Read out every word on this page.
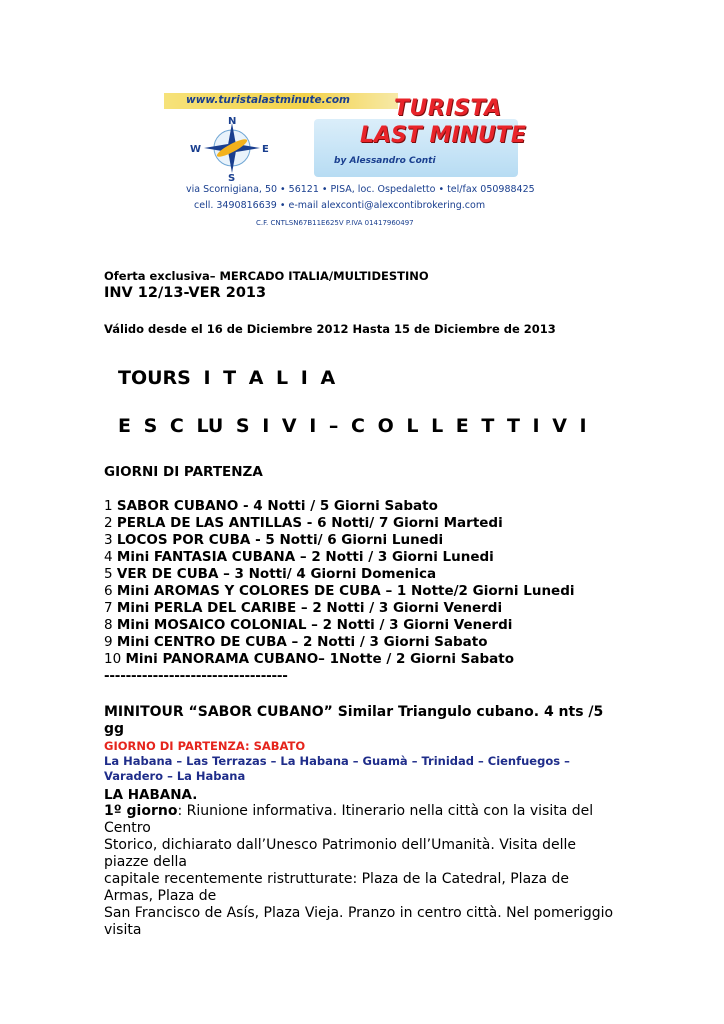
www.turistalastminute.com
N
E
S
W
TURISTA
LAST MINUTE
by Alessandro Conti
via Scornigiana, 50 • 56121 • PISA, loc. Ospedaletto • tel/fax 050988425
cell. 3490816639 • e-mail alexconti@alexcontibrokering.com
C.F. CNTLSN67B11E625V P.IVA 01417960497
Oferta exclusiva– MERCADO ITALIA/MULTIDESTINO
INV 12/13-VER 2013
Válido desde el 16 de Diciembre 2012 Hasta 15 de Diciembre de 2013
TOURS I T A L I A
E S C LU S I V I – C O L L E T T I V I
GIORNI DI PARTENZA
1 SABOR CUBANO - 4 Notti / 5 Giorni Sabato
2 PERLA DE LAS ANTILLAS - 6 Notti/ 7 Giorni Martedi
3 LOCOS POR CUBA - 5 Notti/ 6 Giorni Lunedi
4 Mini FANTASIA CUBANA – 2 Notti / 3 Giorni Lunedi
5 VER DE CUBA – 3 Notti/ 4 Giorni Domenica
6 Mini AROMAS Y COLORES DE CUBA – 1 Notte/2 Giorni Lunedi
7 Mini PERLA DEL CARIBE – 2 Notti / 3 Giorni Venerdi
8 Mini MOSAICO COLONIAL – 2 Notti / 3 Giorni Venerdi
9 Mini CENTRO DE CUBA – 2 Notti / 3 Giorni Sabato
10 Mini PANORAMA CUBANO– 1Notte / 2 Giorni Sabato
----------------------------------
MINITOUR “SABOR CUBANO” Similar Triangulo cubano. 4 nts /5 gg
GIORNO DI PARTENZA: SABATO
La Habana – Las Terrazas – La Habana – Guamà – Trinidad – Cienfuegos – Varadero – La Habana
LA HABANA.

1º giorno: Riunione informativa. Itinerario nella città con la visita del

Centro

Storico, dichiarato dall’Unesco Patrimonio dell’Umanità. Visita delle

piazze della

capitale recentemente ristrutturate: Plaza de la Catedral, Plaza de

Armas, Plaza de

San Francisco de Asís, Plaza Vieja. Pranzo in centro città. Nel pomeriggio

visita
